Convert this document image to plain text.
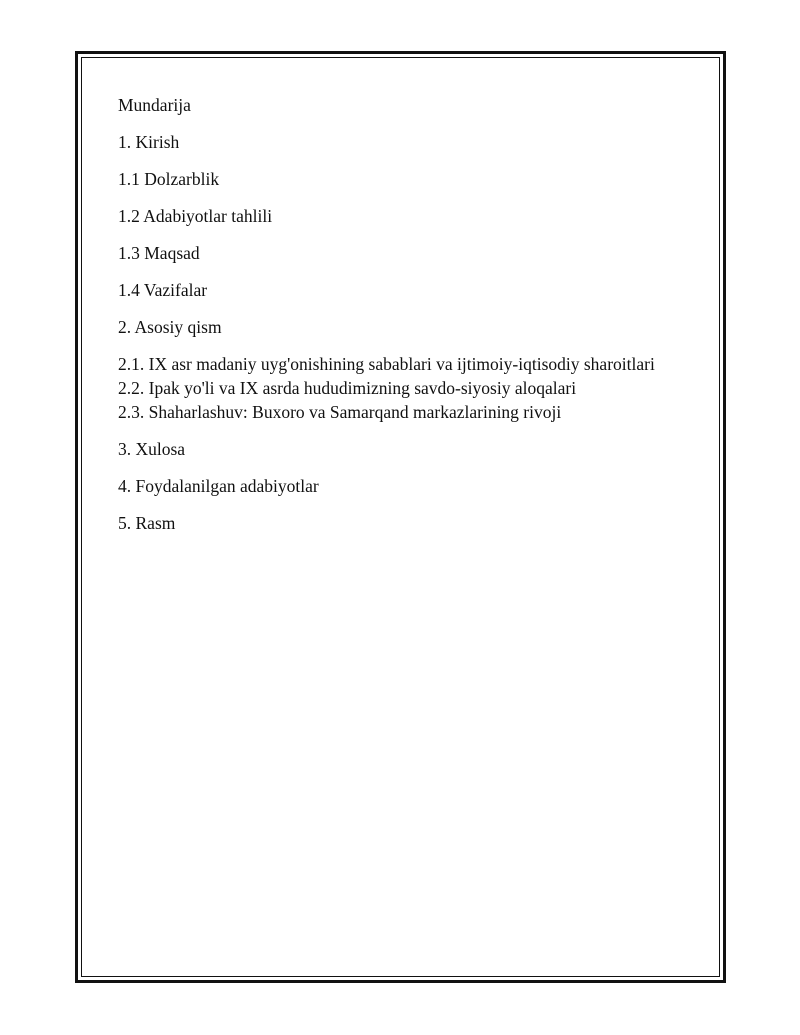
Mundarija
1. Kirish
1.1 Dolzarblik
1.2 Adabiyotlar tahlili
1.3 Maqsad
1.4 Vazifalar
2. Asosiy qism
2.1. IX asr madaniy uyg'onishining sabablari va ijtimoiy-iqtisodiy sharoitlari
2.2. Ipak yo'li va IX asrda hududimizning savdo-siyosiy aloqalari
2.3. Shaharlashuv: Buxoro va Samarqand markazlarining rivoji
3. Xulosa
4. Foydalanilgan adabiyotlar
5. Rasm
